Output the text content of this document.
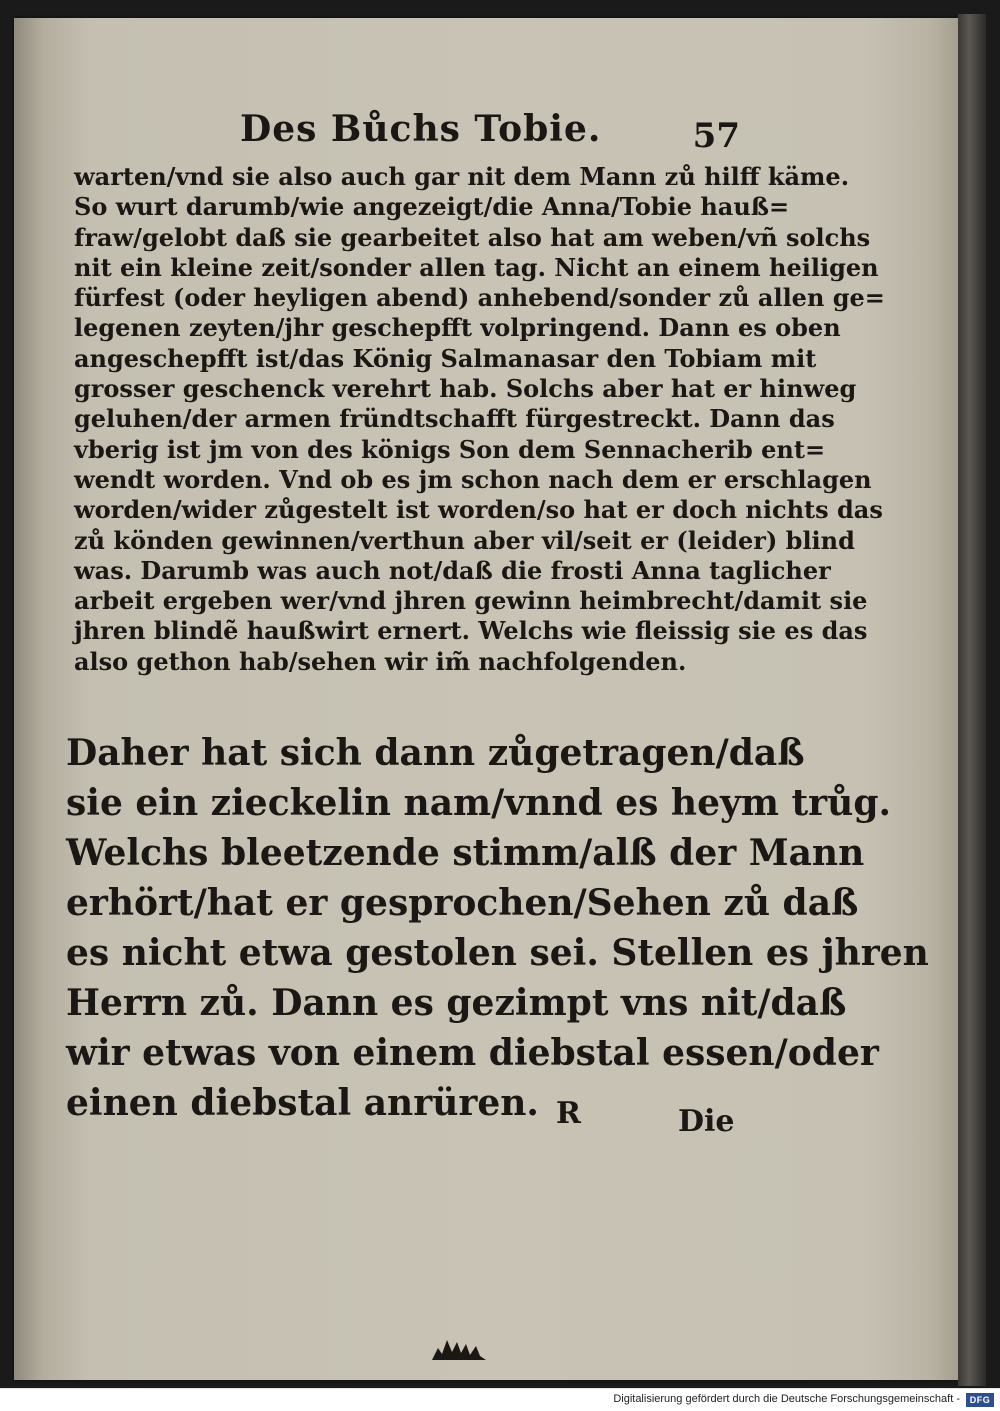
Des Bůchs Tobie.	57
warten/vnd sie also auch gar nit dem Mann zů hilff käme.
So wurt darumb/wie angezeigt/die Anna/Tobie hauß=
fraw/gelobt daß sie gearbeitet also hat am weben/vñ solchs
nit ein kleine zeit/sonder allen tag. Nicht an einem heiligen
fürfest (oder heyligen abend) anhebend/sonder zů allen ge=
legenen zeyten/jhr geschepfft volpringend. Dann es oben
angeschepfft ist/das König Salmanasar den Tobiam mit
grosser geschenck verehrt hab. Solchs aber hat er hinweg
geluhen/der armen fründtschafft fürgestreckt. Dann das
vberig ist jm von des königs Son dem Sennacherib ent=
wendt worden. Vnd ob es jm schon nach dem er erschlagen
worden/wider zůgestelt ist worden/so hat er doch nichts das
zů könden gewinnen/verthun aber vil/seit er (leider) blind
was. Darumb was auch not/daß die frosti Anna taglicher
arbeit ergeben wer/vnd jhren gewinn heimbrecht/damit sie
jhren blindẽ haußwirt ernert. Welchs wie fleissig sie es das
also gethon hab/sehen wir im̃ nachfolgenden.
Daher hat sich dann zůgetragen/daß
sie ein zieckelin nam/vnnd es heym trůg.
Welchs bleetzende stimm/alß der Mann
erhört/hat er gesprochen/Sehen zů daß
es nicht etwa gestolen sei. Stellen es jhren
Herrn zů. Dann es gezimpt vns nit/daß
wir etwas von einem diebstal essen/oder
einen diebstal anrüren. R	Die
Digitalisierung gefördert durch die Deutsche Forschungsgemeinschaft -	DFG
